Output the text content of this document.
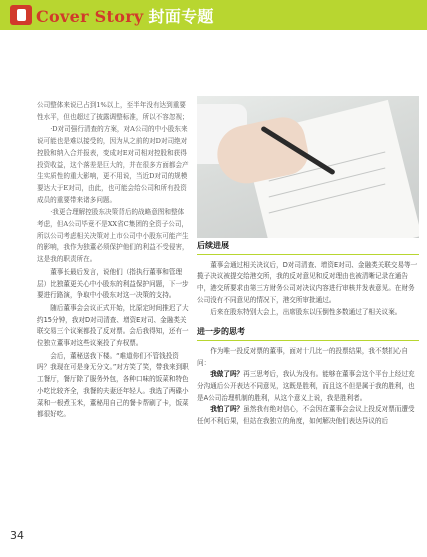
Cover Story 封面专题

公司整体来说已占到1%以上，至半年没有达到重要性水平，但也超过了披露调整标准，所以不容忽视；

·D对司强行清查的方案，对A公司的中小股东来说可能也是难以接受的，因为从之前的对D对司绝对控股和纳入合并报表，变成对E对司相对控股和获得投资收益，这个落差是巨大的，并在很多方面都会产生实质性的重大影响，更不用说，当近D对司的规模要达大于E对司，由此，也可能会给公司和所有投资成员的重要带来诸多问题。

·我更合理解控股东决策背后的战略意图和整体考虑，但A公司毕竟不是XX省C集团的全资子公司，所以公司考虑相关决策对上市公司中小股东可能产生的影响，我作为独董必须保护他们的利益不受侵害，这是我的职责所在。

董事长最后发言，说他们（指执行董事和管理层）比独董更关心中小股东的利益保护问题，下一步要进行路演，争取中小股东对这一决策的支持。

随后董事会会议正式开始，比原定时间推迟了大约15分钟，我对D对司清查、增资E对司、金融类关联交易三个议案都投了反对票。会后我得知，还有一位独立董事对这些议案投了弃权票。

会后，董秘送我下楼。“难道你们不管钱投资吗？我现在可是身无分文。”对方笑了笑，带我来到职工餐厅，餐厅除了服务外包，各种口味的饭菜和特色小吃比较齐全，我餐的夫妻还年轻人。我选了两碟小菜和一根煮玉米，董秘用自己的餐卡帮刷了卡，饭菜都很好吃。

后续进展

董事会通过相关决议后，D对司清查、增资E对司、金融类关联交易等一揽子决议被提交给港交所，我的反对意见和反对理由也被清晰记录在通告中，港交所要求由第三方财务公司对决议内容进行审核并发表意见。在财务公司没有不同意见的情况下，港交所审批通过。

后来在股东特别大会上，出席股东以压倒性多数通过了相关议案。

进一步的思考

作为唯一投反对票的董事，面对十几比一的投票结果，我不禁扪心自问：

我做了吗？再三思考后，我认为没有。能够在董事会这个平台上经过充分沟通后公开表达不同意见，这既是胜利，而且这不但是属于我的胜利，也是A公司治理机制的胜利，从这个意义上说，我是胜利者。

我怕了吗？虽然我有绝对信心，不会因在董事会会议上投反对票而遭受任何不利后果，但站在我独立的角度，如何解决他们表达异议的后

34
